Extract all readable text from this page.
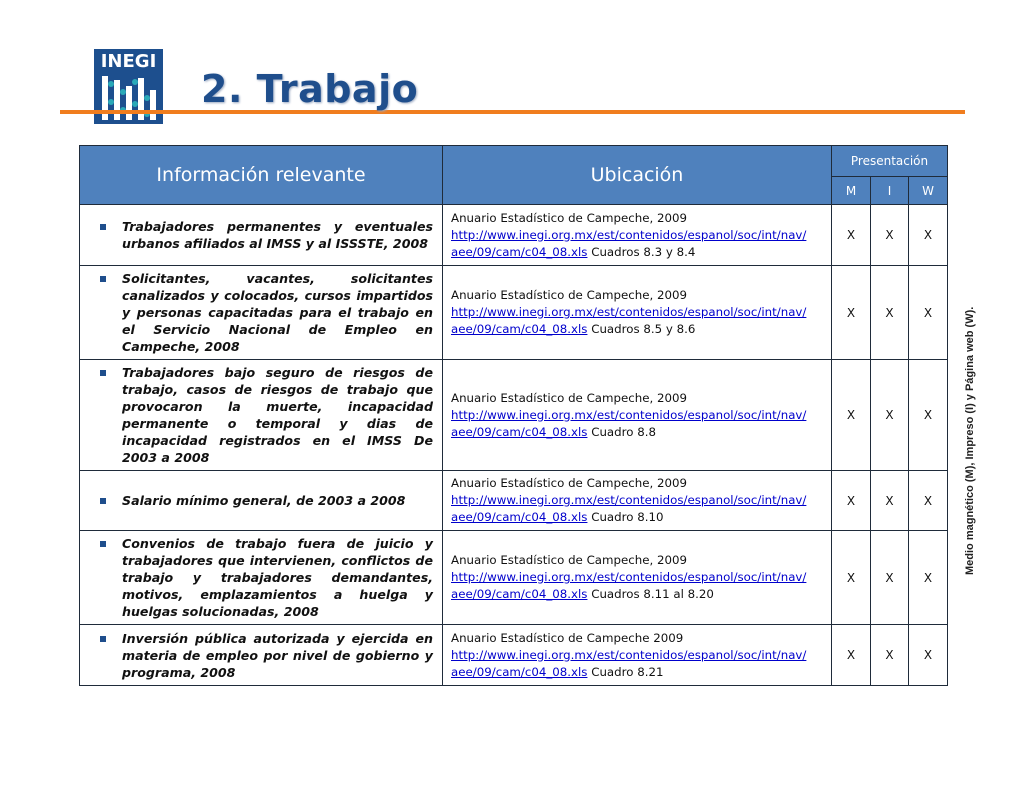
INEGI
2. Trabajo
Medio magnético (M), Impreso (I) y Página web (W).
Información relevante	Ubicación	Presentación		
		M	I	W

Trabajadores permanentes y eventuales urbanos afiliados al IMSS y al ISSSTE, 2008	Anuario Estadístico de Campeche, 2009
http://www.inegi.org.mx/est/contenidos/espanol/soc/int/nav/
aee/09/cam/c04_08.xls Cuadros 8.3 y 8.4	X	X	X

Solicitantes, vacantes, solicitantes canalizados y colocados, cursos impartidos y personas capacitadas para el trabajo en el Servicio Nacional de Empleo en Campeche, 2008	Anuario Estadístico de Campeche, 2009
http://www.inegi.org.mx/est/contenidos/espanol/soc/int/nav/
aee/09/cam/c04_08.xls Cuadros 8.5 y 8.6	X	X	X

Trabajadores bajo seguro de riesgos de trabajo, casos de riesgos de trabajo que provocaron la muerte, incapacidad permanente o temporal y dias de incapacidad registrados en el IMSS De 2003 a 2008	Anuario Estadístico de Campeche, 2009
http://www.inegi.org.mx/est/contenidos/espanol/soc/int/nav/
aee/09/cam/c04_08.xls Cuadro 8.8	X	X	X

Salario mínimo general, de 2003 a 2008	Anuario Estadístico de Campeche, 2009
http://www.inegi.org.mx/est/contenidos/espanol/soc/int/nav/
aee/09/cam/c04_08.xls Cuadro 8.10	X	X	X

Convenios de trabajo fuera de juicio y trabajadores que intervienen, conflictos de trabajo y trabajadores demandantes, motivos, emplazamientos a huelga y huelgas solucionadas, 2008	Anuario Estadístico de Campeche, 2009
http://www.inegi.org.mx/est/contenidos/espanol/soc/int/nav/
aee/09/cam/c04_08.xls Cuadros 8.11 al 8.20	X	X	X

Inversión pública autorizada y ejercida en materia de empleo por nivel de gobierno y programa, 2008	Anuario Estadístico de Campeche 2009
http://www.inegi.org.mx/est/contenidos/espanol/soc/int/nav/
aee/09/cam/c04_08.xls Cuadro 8.21	X	X	X
